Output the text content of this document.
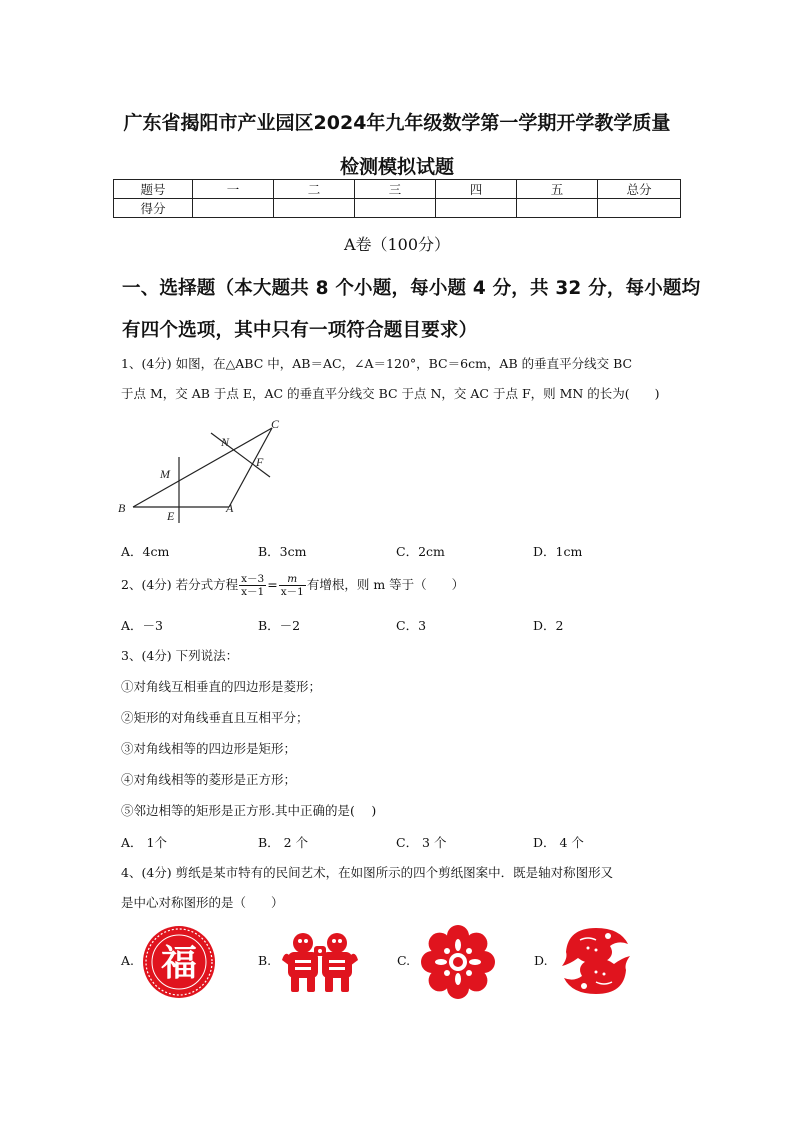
广东省揭阳市产业园区2024年九年级数学第一学期开学教学质量
检测模拟试题
题号	一	二	三	四	五	总分
得分						
A卷（100分）
一、选择题（本大题共 8 个小题，每小题 4 分，共 32 分，每小题均
有四个选项，其中只有一项符合题目要求）
1、(4分) 如图，在△ABC 中，AB＝AC，∠A＝120°，BC＝6cm，AB 的垂直平分线交 BC
于点 M，交 AB 于点 E，AC 的垂直平分线交 BC 于点 N，交 AC 于点 F，则 MN 的长为(　　)
B
E
A
M
N
F
C
A．4cm	B．3cm	C．2cm	D．1cm
2、(4分) 若分式方程 $\frac{x-3}{x-1} = \frac{m}{x-1}$ 有增根，则 m 等于（　　）
A．－3	B．－2	C．3	D．2
3、(4分) 下列说法：
①对角线互相垂直的四边形是菱形；
②矩形的对角线垂直且互相平分；
③对角线相等的四边形是矩形；
④对角线相等的菱形是正方形；
⑤邻边相等的矩形是正方形.其中正确的是(　 )
A． 1个	B． 2 个	C． 3 个	D． 4 个
4、(4分) 剪纸是某市特有的民间艺术，在如图所示的四个剪纸图案中．既是轴对称图形又
是中心对称图形的是（　　）
A.	B.	C.	D.
福
